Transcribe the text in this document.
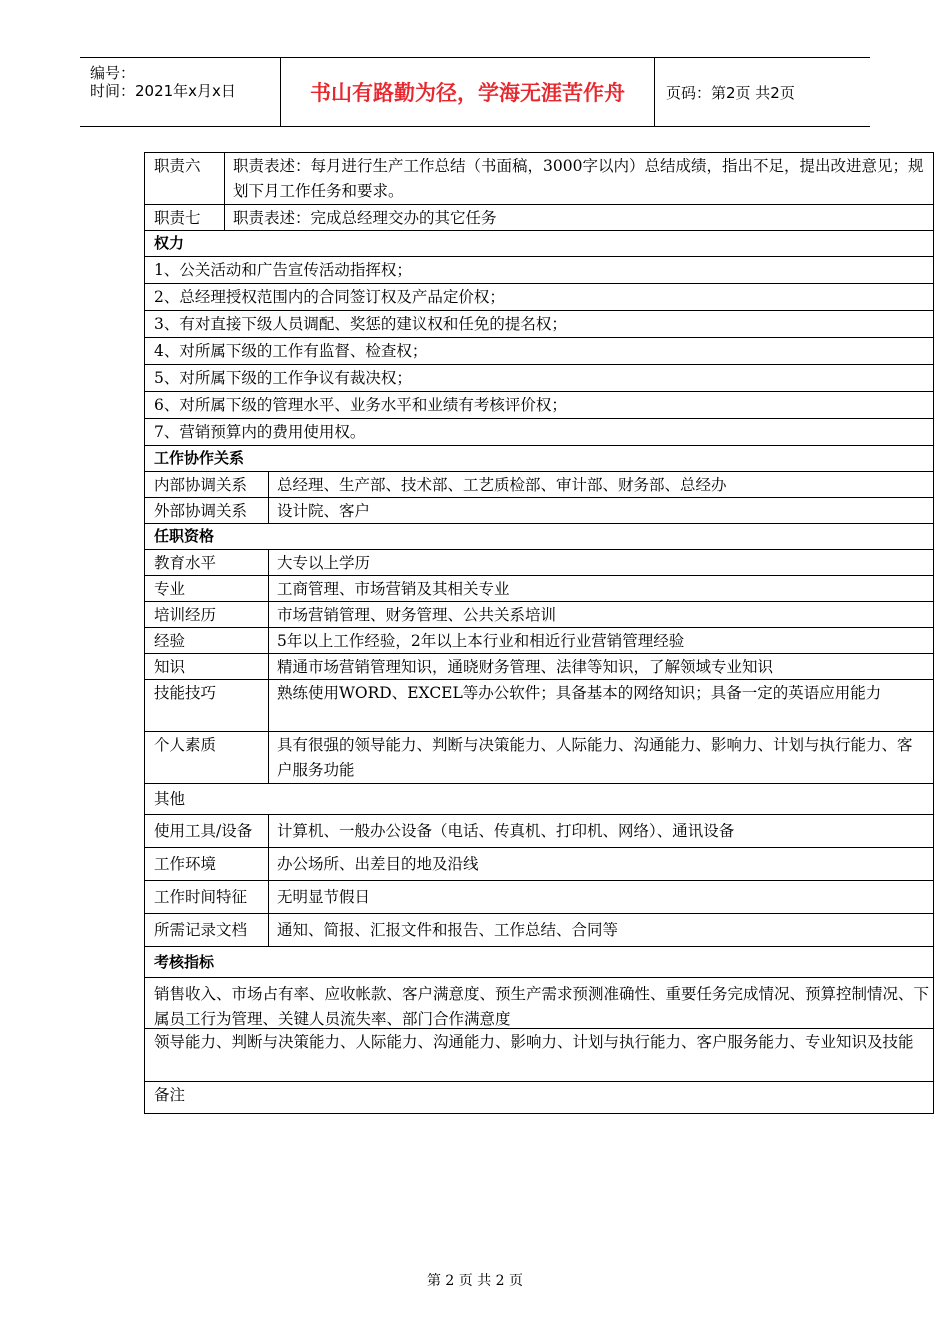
编号：
时间：2021年x月x日	书山有路勤为径，学海无涯苦作舟	页码：第2页 共2页
职责六	职责表述：每月进行生产工作总结（书面稿，3000字以内）总结成绩，指出不足，提出改进意见；规划下月工作任务和要求。
职责七	职责表述：完成总经理交办的其它任务
权力
1、公关活动和广告宣传活动指挥权；
2、总经理授权范围内的合同签订权及产品定价权；
3、有对直接下级人员调配、奖惩的建议权和任免的提名权；
4、对所属下级的工作有监督、检查权；
5、对所属下级的工作争议有裁决权；
6、对所属下级的管理水平、业务水平和业绩有考核评价权；
7、营销预算内的费用使用权。
工作协作关系
内部协调关系	总经理、生产部、技术部、工艺质检部、审计部、财务部、总经办
外部协调关系	设计院、客户
任职资格
教育水平	大专以上学历
专业	工商管理、市场营销及其相关专业
培训经历	市场营销管理、财务管理、公共关系培训
经验	5年以上工作经验，2年以上本行业和相近行业营销管理经验
知识	精通市场营销管理知识，通晓财务管理、法律等知识，了解领域专业知识
技能技巧	熟练使用WORD、EXCEL等办公软件；具备基本的网络知识；具备一定的英语应用能力
个人素质	具有很强的领导能力、判断与决策能力、人际能力、沟通能力、影响力、计划与执行能力、客户服务功能
其他
使用工具/设备	计算机、一般办公设备（电话、传真机、打印机、网络）、通讯设备
工作环境	办公场所、出差目的地及沿线
工作时间特征	无明显节假日
所需记录文档	通知、简报、汇报文件和报告、工作总结、合同等
考核指标
销售收入、市场占有率、应收帐款、客户满意度、预生产需求预测准确性、重要任务完成情况、预算控制情况、下属员工行为管理、关键人员流失率、部门合作满意度
领导能力、判断与决策能力、人际能力、沟通能力、影响力、计划与执行能力、客户服务能力、专业知识及技能
备注
第 2 页 共 2 页
